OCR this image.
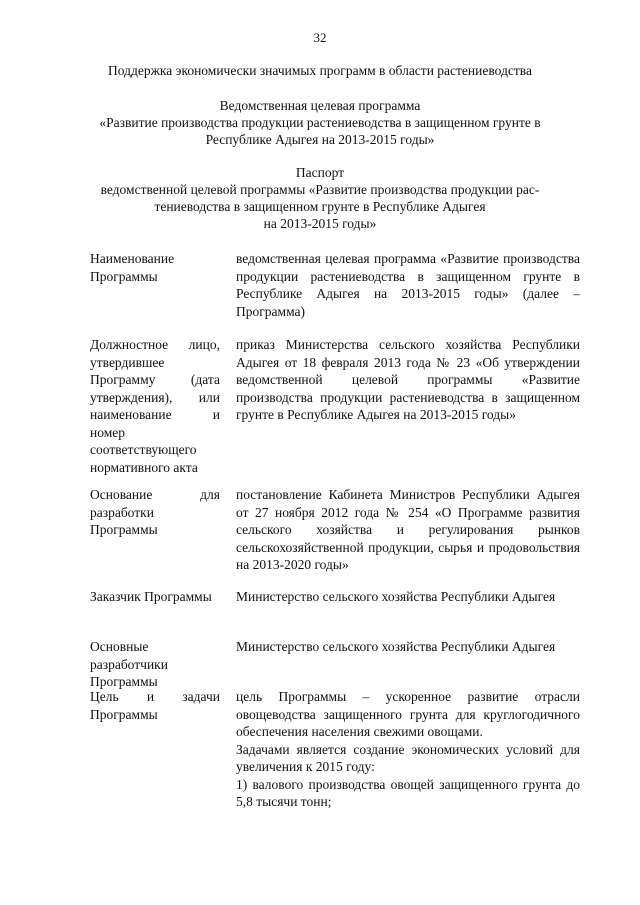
32
Поддержка экономически значимых программ в области растениеводства
Ведомственная целевая программа
«Развитие производства продукции растениеводства в защищенном грунте в
Республике Адыгея на 2013-2015 годы»
Паспорт
ведомственной целевой программы «Развитие производства продукции рас-
тениеводства в защищенном грунте в Республике Адыгея
на 2013-2015 годы»
Наименование Программы
ведомственная целевая программа «Развитие производства продукции растениеводства в защищенном грунте в Республике Адыгея на 2013-2015 годы» (далее – Программа)
Должностное лицо, утвердившее Программу (дата утверждения), или наименование и номер соответствующего нормативного акта
приказ Министерства сельского хозяйства Республики Адыгея от 18 февраля 2013 года № 23 «Об утверждении ведомственной целевой программы «Развитие производства продукции растениеводства в защищенном грунте в Республике Адыгея на 2013-2015 годы»
Основание для разработки Программы
постановление Кабинета Министров Республики Адыгея от 27 ноября 2012 года № 254 «О Программе развития сельского хозяйства и регулирования рынков сельскохозяйственной продукции, сырья и продовольствия на 2013-2020 годы»
Заказчик Программы	Министерство сельского хозяйства Республики Адыгея
Основные разработчики Программы
Министерство сельского хозяйства Республики Адыгея
Цель и задачи Программы

цель Программы – ускоренное развитие отрасли овощеводства защищенного грунта для круглогодичного обеспечения населения свежими овощами.

Задачами является создание экономических условий для увеличения к 2015 году:

1) валового производства овощей защищенного грунта до 5,8 тысячи тонн;
